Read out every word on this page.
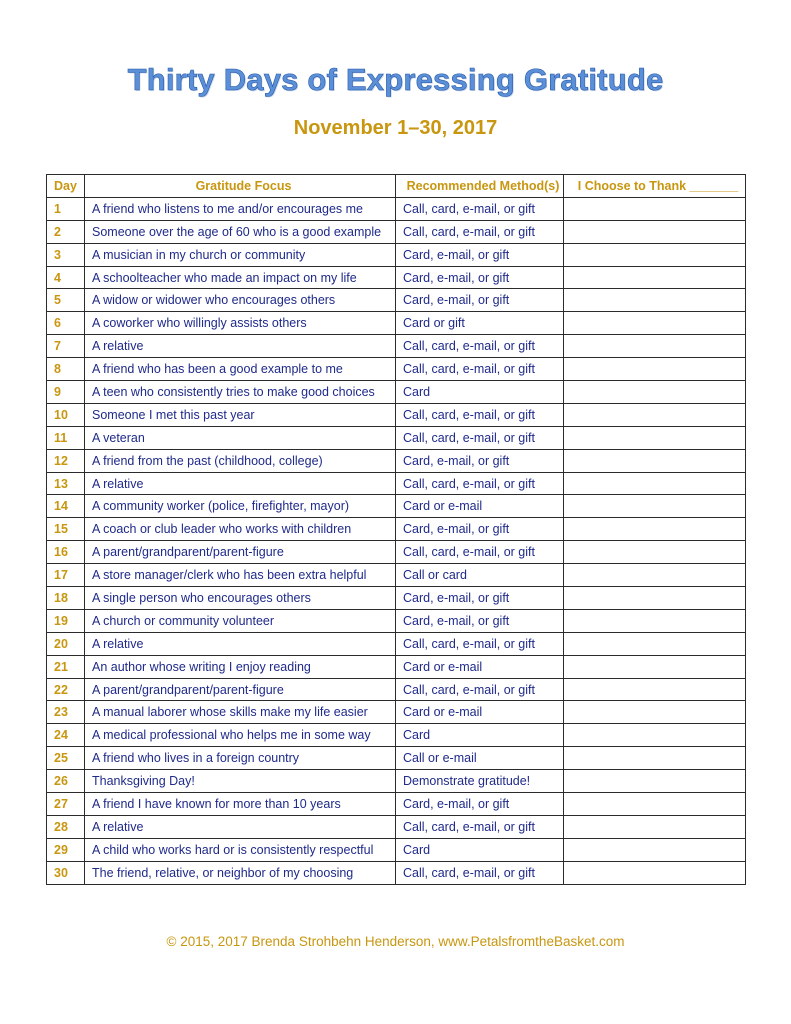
Thirty Days of Expressing Gratitude
November 1–30, 2017
Day	Gratitude Focus	Recommended Method(s)	I Choose to Thank _______
1	A friend who listens to me and/or encourages me	Call, card, e-mail, or gift	
2	Someone over the age of 60 who is a good example	Call, card, e-mail, or gift	
3	A musician in my church or community	Card, e-mail, or gift	
4	A schoolteacher who made an impact on my life	Card, e-mail, or gift	
5	A widow or widower who encourages others	Card, e-mail, or gift	
6	A coworker who willingly assists others	Card or gift	
7	A relative	Call, card, e-mail, or gift	
8	A friend who has been a good example to me	Call, card, e-mail, or gift	
9	A teen who consistently tries to make good choices	Card	
10	Someone I met this past year	Call, card, e-mail, or gift	
11	A veteran	Call, card, e-mail, or gift	
12	A friend from the past (childhood, college)	Card, e-mail, or gift	
13	A relative	Call, card, e-mail, or gift	
14	A community worker (police, firefighter, mayor)	Card or e-mail	
15	A coach or club leader who works with children	Card, e-mail, or gift	
16	A parent/grandparent/parent-figure	Call, card, e-mail, or gift	
17	A store manager/clerk who has been extra helpful	Call or card	
18	A single person who encourages others	Card, e-mail, or gift	
19	A church or community volunteer	Card, e-mail, or gift	
20	A relative	Call, card, e-mail, or gift	
21	An author whose writing I enjoy reading	Card or e-mail	
22	A parent/grandparent/parent-figure	Call, card, e-mail, or gift	
23	A manual laborer whose skills make my life easier	Card or e-mail	
24	A medical professional who helps me in some way	Card	
25	A friend who lives in a foreign country	Call or e-mail	
26	Thanksgiving Day!	Demonstrate gratitude!	
27	A friend I have known for more than 10 years	Card, e-mail, or gift	
28	A relative	Call, card, e-mail, or gift	
29	A child who works hard or is consistently respectful	Card	
30	The friend, relative, or neighbor of my choosing	Call, card, e-mail, or gift	
© 2015, 2017 Brenda Strohbehn Henderson, www.PetalsfromtheBasket.com
